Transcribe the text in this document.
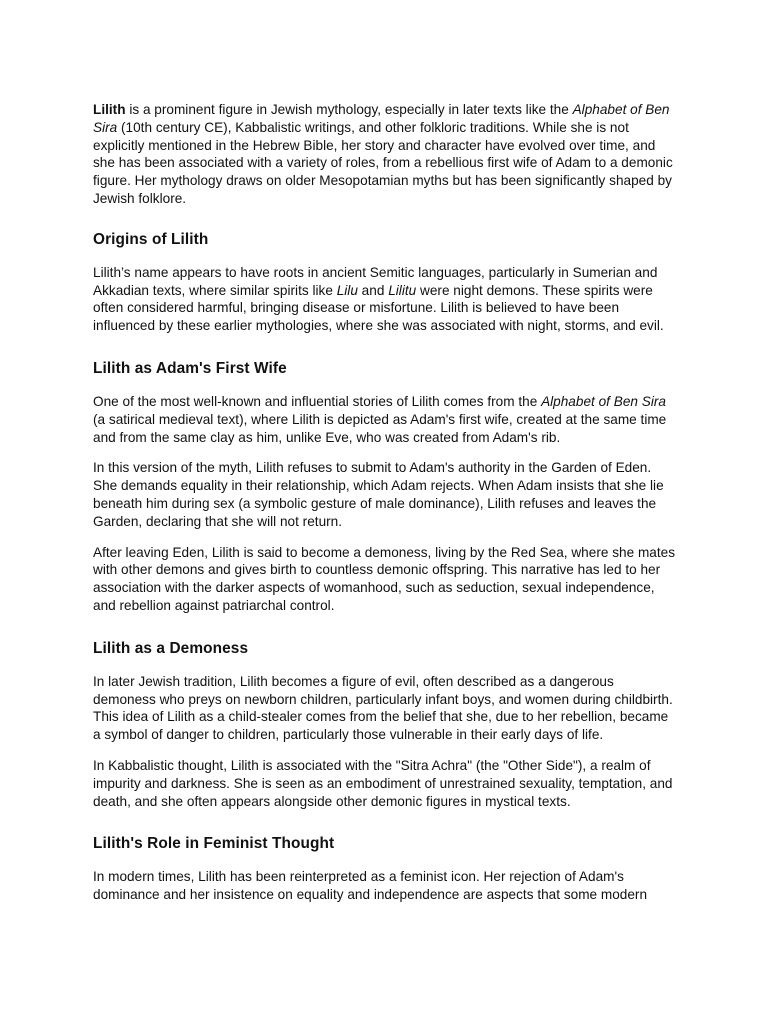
Lilith is a prominent figure in Jewish mythology, especially in later texts like the Alphabet of Ben Sira (10th century CE), Kabbalistic writings, and other folkloric traditions. While she is not explicitly mentioned in the Hebrew Bible, her story and character have evolved over time, and she has been associated with a variety of roles, from a rebellious first wife of Adam to a demonic figure. Her mythology draws on older Mesopotamian myths but has been significantly shaped by Jewish folklore.

Origins of Lilith

Lilith’s name appears to have roots in ancient Semitic languages, particularly in Sumerian and Akkadian texts, where similar spirits like Lilu and Lilitu were night demons. These spirits were often considered harmful, bringing disease or misfortune. Lilith is believed to have been influenced by these earlier mythologies, where she was associated with night, storms, and evil.

Lilith as Adam's First Wife

One of the most well-known and influential stories of Lilith comes from the Alphabet of Ben Sira (a satirical medieval text), where Lilith is depicted as Adam's first wife, created at the same time and from the same clay as him, unlike Eve, who was created from Adam's rib.

In this version of the myth, Lilith refuses to submit to Adam's authority in the Garden of Eden. She demands equality in their relationship, which Adam rejects. When Adam insists that she lie beneath him during sex (a symbolic gesture of male dominance), Lilith refuses and leaves the Garden, declaring that she will not return.

After leaving Eden, Lilith is said to become a demoness, living by the Red Sea, where she mates with other demons and gives birth to countless demonic offspring. This narrative has led to her association with the darker aspects of womanhood, such as seduction, sexual independence, and rebellion against patriarchal control.

Lilith as a Demoness

In later Jewish tradition, Lilith becomes a figure of evil, often described as a dangerous demoness who preys on newborn children, particularly infant boys, and women during childbirth. This idea of Lilith as a child-stealer comes from the belief that she, due to her rebellion, became a symbol of danger to children, particularly those vulnerable in their early days of life.

In Kabbalistic thought, Lilith is associated with the "Sitra Achra" (the "Other Side"), a realm of impurity and darkness. She is seen as an embodiment of unrestrained sexuality, temptation, and death, and she often appears alongside other demonic figures in mystical texts.

Lilith's Role in Feminist Thought

In modern times, Lilith has been reinterpreted as a feminist icon. Her rejection of Adam's dominance and her insistence on equality and independence are aspects that some modern
